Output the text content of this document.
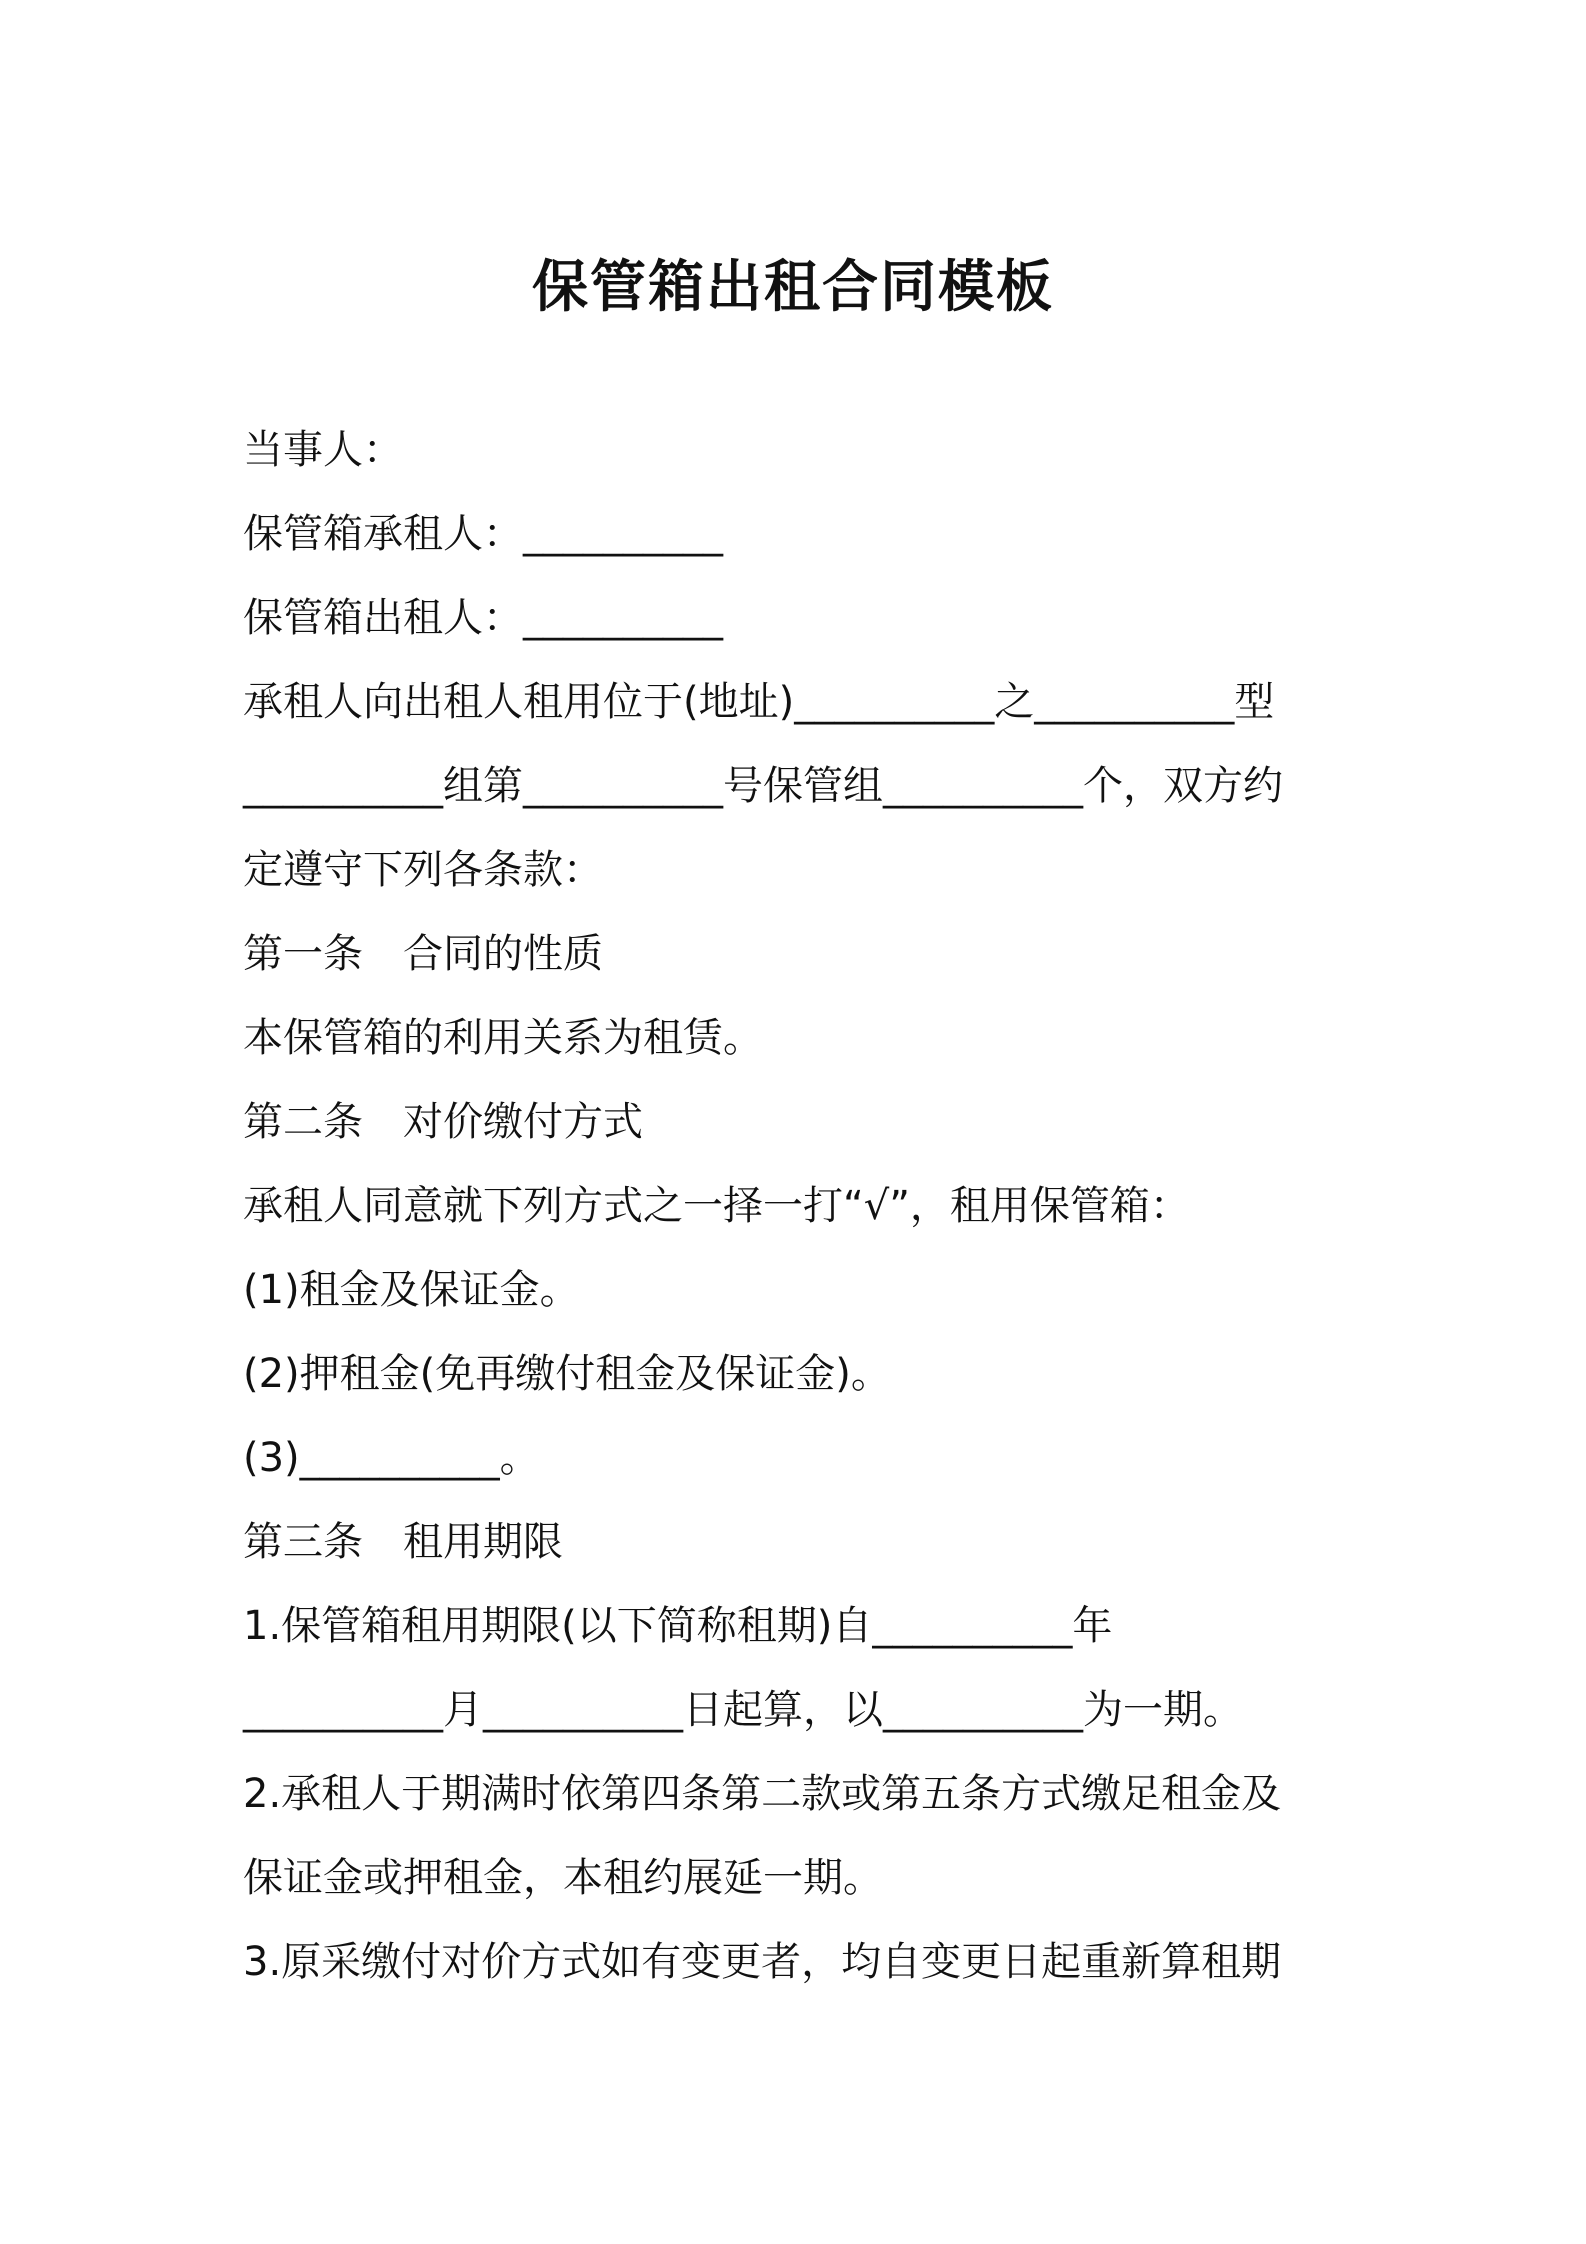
保管箱出租合同模板
当事人：
保管箱承租人：__________
保管箱出租人：__________
承租人向出租人租用位于(地址)__________之__________型
__________组第__________号保管组__________个，双方约
定遵守下列各条款：
第一条　合同的性质
本保管箱的利用关系为租赁。
第二条　对价缴付方式
承租人同意就下列方式之一择一打“√”，租用保管箱：
(1)租金及保证金。
(2)押租金(免再缴付租金及保证金)。
(3)__________。
第三条　租用期限
1.保管箱租用期限(以下简称租期)自__________年
__________月__________日起算，以__________为一期。
2.承租人于期满时依第四条第二款或第五条方式缴足租金及
保证金或押租金，本租约展延一期。
3.原采缴付对价方式如有变更者，均自变更日起重新算租期
